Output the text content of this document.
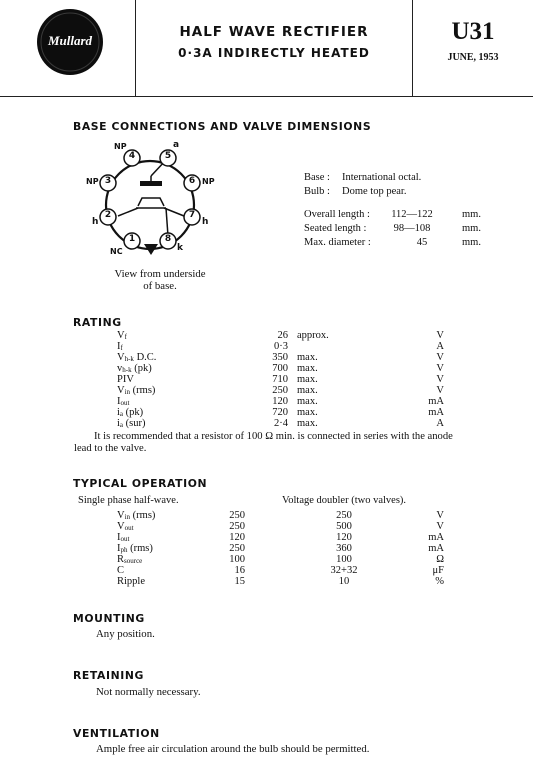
Mullard
HALF WAVE RECTIFIER
0·3A INDIRECTLY HEATED
U31
JUNE, 1953
BASE CONNECTIONS AND VALVE DIMENSIONS
4	5
3	6
2	7
1	8
NP	a
NP	NP
h	h
NC	k
View from underside
of base.
Base : International octal.
Bulb : Dome top pear.
Overall length :	112—122	mm.
Seated length :	98—108	mm.
Max. diameter :	45	mm.
RATING
$V_f$	26 approx.	V
$I_f$	0·3	A
$V_{h-k}$ D.C.	350 max.	V
$v_{h-k}$ (pk)	700 max.	V
PIV	710 max.	V
$V_{in}$ (rms)	250 max.	V
$I_{out}$	120 max.	mA
$i_a$ (pk)	720 max.	mA
$i_a$ (sur)	2·4 max.	A
It is recommended that a resistor of 100 Ω min. is connected in series with the anode
lead to the valve.
TYPICAL OPERATION
Single phase half-wave.	Voltage doubler (two valves).
$V_{in}$ (rms)	250	250	V
$V_{out}$	250	500	V
$I_{out}$	120	120	mA
$I_{ph}$ (rms)	250	360	mA
$R_{source}$	100	100	Ω
C	16	32+32	μF
Ripple	15	10	%
MOUNTING
Any position.
RETAINING
Not normally necessary.
VENTILATION
Ample free air circulation around the bulb should be permitted.
